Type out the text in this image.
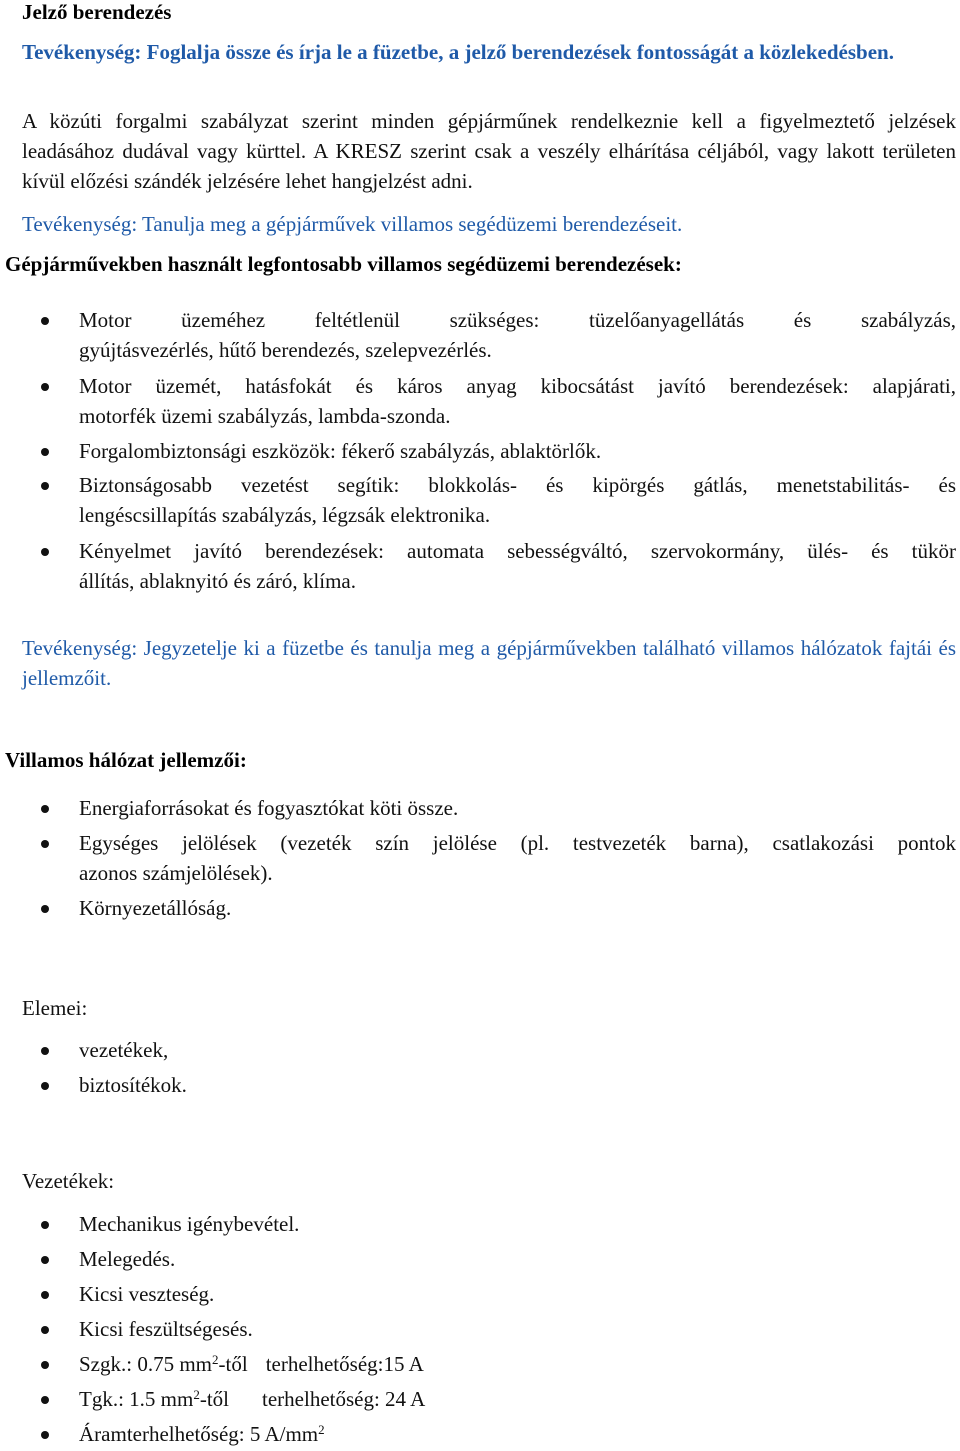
Jelző berendezés

Tevékenység: Foglalja össze és írja le a füzetbe, a jelző berendezések fontosságát a közlekedésben.

A közúti forgalmi szabályzat szerint minden gépjárműnek rendelkeznie kell a figyelmeztető jelzések leadásához dudával vagy kürttel. A KRESZ szerint csak a veszély elhárítása céljából, vagy lakott területen kívül előzési szándék jelzésére lehet hangjelzést adni.

Tevékenység: Tanulja meg a gépjárművek villamos segédüzemi berendezéseit.

Gépjárművekben használt legfontosabb villamos segédüzemi berendezések:

Motor üzeméhez feltétlenül szükséges: tüzelőanyagellátás és szabályzás,
gyújtásvezérlés, hűtő berendezés, szelepvezérlés.
Motor üzemét, hatásfokát és káros anyag kibocsátást javító berendezések: alapjárati,
motorfék üzemi szabályzás, lambda-szonda.
Forgalombiztonsági eszközök: fékerő szabályzás, ablaktörlők.
Biztonságosabb vezetést segítik: blokkolás- és kipörgés gátlás, menetstabilitás- és
lengéscsillapítás szabályzás, légzsák elektronika.
Kényelmet javító berendezések: automata sebességváltó, szervokormány, ülés- és tükör
állítás, ablaknyitó és záró, klíma.

Tevékenység: Jegyzetelje ki a füzetbe és tanulja meg a gépjárművekben található villamos hálózatok fajtái és jellemzőit.

Villamos hálózat jellemzői:

Energiaforrásokat és fogyasztókat köti össze.
Egységes jelölések (vezeték szín jelölése (pl. testvezeték barna), csatlakozási pontok
azonos számjelölések).
Környezetállóság.

Elemei:

vezetékek,
biztosítékok.

Vezetékek:

Mechanikus igénybevétel.
Melegedés.
Kicsi veszteség.
Kicsi feszültségesés.
Szgk.: 0.75 $mm^2$-től terhelhetőség:15 A
Tgk.: 1.5 $mm^2$-től terhelhetőség: 24 A
Áramterhelhetőség: 5 $A/mm^2$
